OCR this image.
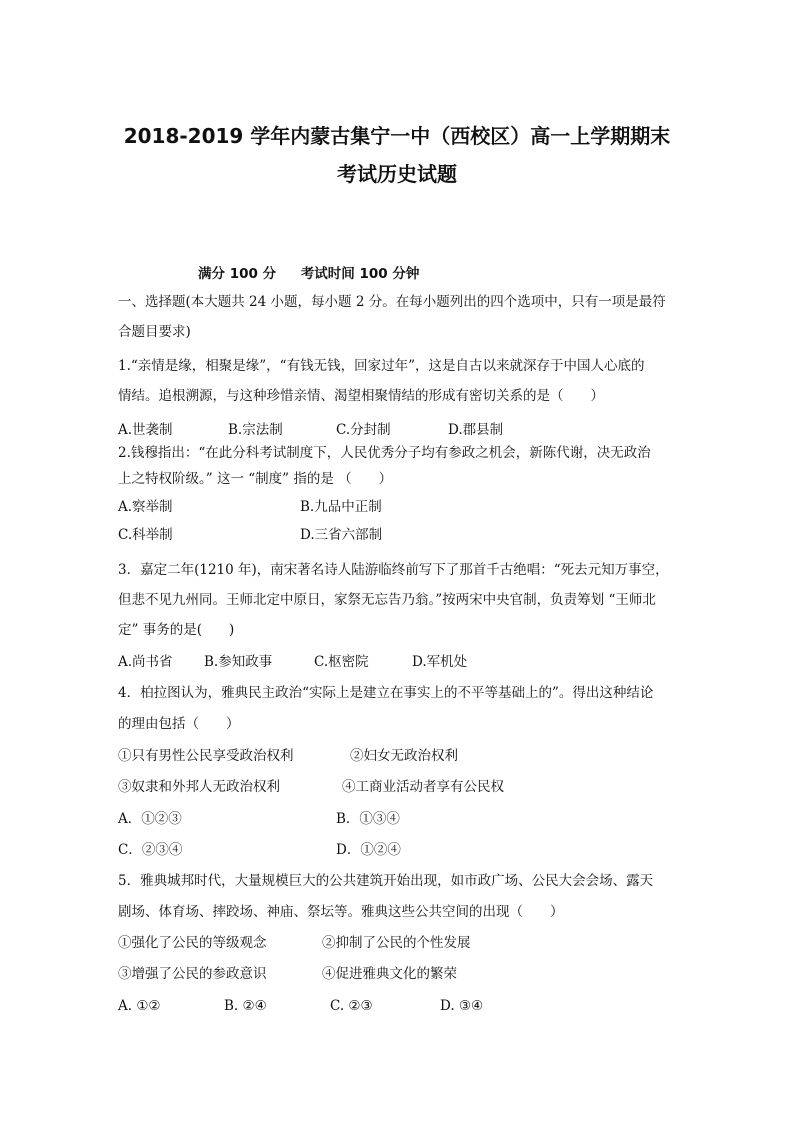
2018-2019 学年内蒙古集宁一中（西校区）高一上学期期末
考试历史试题
满分 100 分 考试时间 100 分钟
一、选择题(本大题共 24 小题，每小题 2 分。在每小题列出的四个选项中，只有一项是最符
合题目要求)
1.“亲情是缘，相聚是缘”，“有钱无钱，回家过年”，这是自古以来就深存于中国人心底的
情结。追根溯源，与这种珍惜亲情、渴望相聚情结的形成有密切关系的是（　　）
A.世袭制	B.宗法制	C.分封制	D.郡县制
2.钱穆指出：“在此分科考试制度下，人民优秀分子均有参政之机会，新陈代谢，决无政治
上之特权阶级。” 这一 “制度” 指的是 （　　）
A.察举制	B.九品中正制
C.科举制	D.三省六部制
3．嘉定二年(1210 年)，南宋著名诗人陆游临终前写下了那首千古绝唱：“死去元知万事空，
但悲不见九州同。王师北定中原日，家祭无忘告乃翁。”按两宋中央官制，负责筹划 “王师北
定” 事务的是(　　)
A.尚书省 B.参知政事	C.枢密院	D.军机处
4．柏拉图认为，雅典民主政治“实际上是建立在事实上的不平等基础上的”。得出这种结论
的理由包括（　　）
①只有男性公民享受政治权利	②妇女无政治权利
③奴隶和外邦人无政治权利	④工商业活动者享有公民权
A．①②③	B．①③④
C．②③④	D．①②④
5．雅典城邦时代，大量规模巨大的公共建筑开始出现，如市政广场、公民大会会场、露天
剧场、体育场、摔跤场、神庙、祭坛等。雅典这些公共空间的出现（　　）
①强化了公民的等级观念	②抑制了公民的个性发展
③增强了公民的参政意识	④促进雅典文化的繁荣
A. ①②	B. ②④	C. ②③	D. ③④
